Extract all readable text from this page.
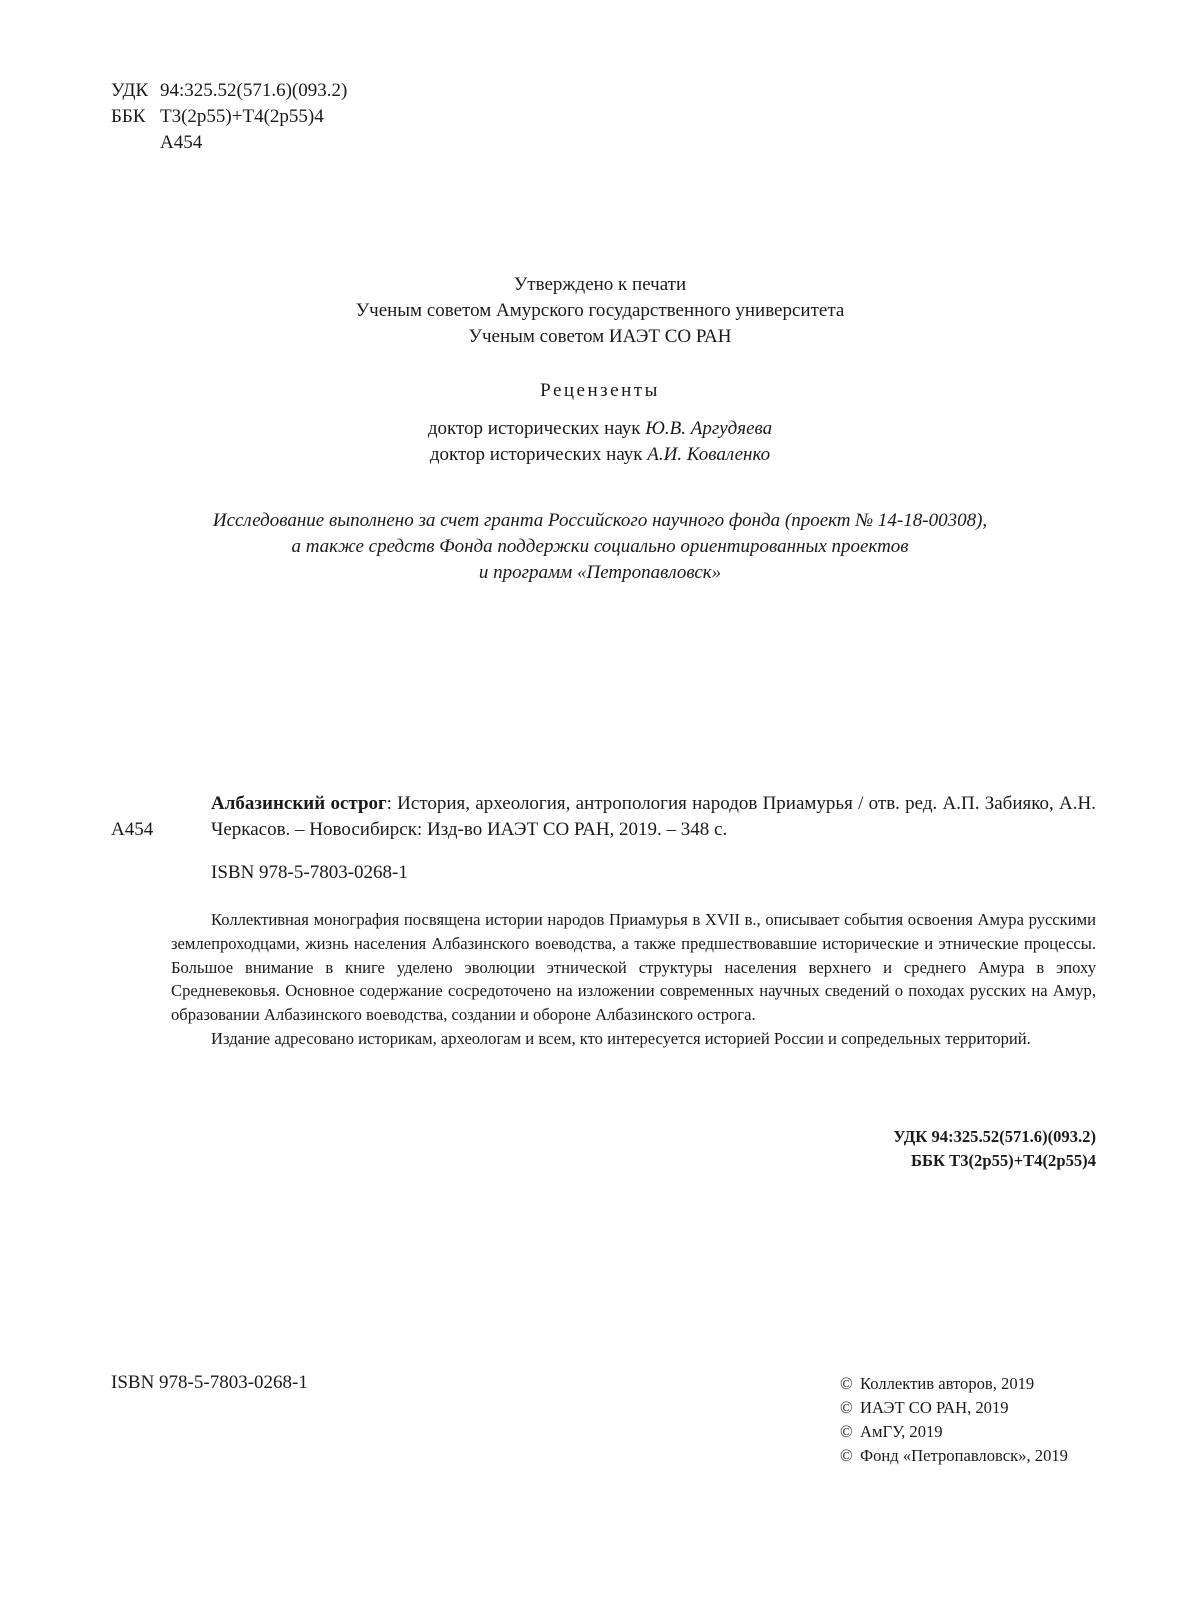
УДК 94:325.52(571.6)(093.2)
ББК Т3(2р55)+Т4(2р55)4
А454
Утверждено к печати
Ученым советом Амурского государственного университета
Ученым советом ИАЭТ СО РАН
Рецензенты
доктор исторических наук Ю.В. Аргудяева
доктор исторических наук А.И. Коваленко
Исследование выполнено за счет гранта Российского научного фонда (проект № 14-18-00308),
а также средств Фонда поддержки социально ориентированных проектов
и программ «Петропавловск»
Албазинский острог: История, археология, антропология народов Приамурья / отв. ред. А.П. Забияко, А.Н. Черкасов. – Новосибирск: Изд-во ИАЭТ СО РАН, 2019. – 348 с.
А454
ISBN 978-5-7803-0268-1

Коллективная монография посвящена истории народов Приамурья в XVII в., описывает события освоения Амура русскими землепроходцами, жизнь населения Албазинского воеводства, а также предшествовавшие исторические и этнические процессы. Большое внимание в книге уделено эволюции этнической структуры населения верхнего и среднего Амура в эпоху Средневековья. Основное содержание сосредоточено на изложении современных научных сведений о походах русских на Амур, образовании Албазинского воеводства, создании и обороне Албазинского острога.

Издание адресовано историкам, археологам и всем, кто интересуется историей России и сопредельных территорий.

УДК 94:325.52(571.6)(093.2)
ББК Т3(2р55)+Т4(2р55)4
ISBN 978-5-7803-0268-1	© Коллектив авторов, 2019
© ИАЭТ СО РАН, 2019
© АмГУ, 2019
© Фонд «Петропавловск», 2019
